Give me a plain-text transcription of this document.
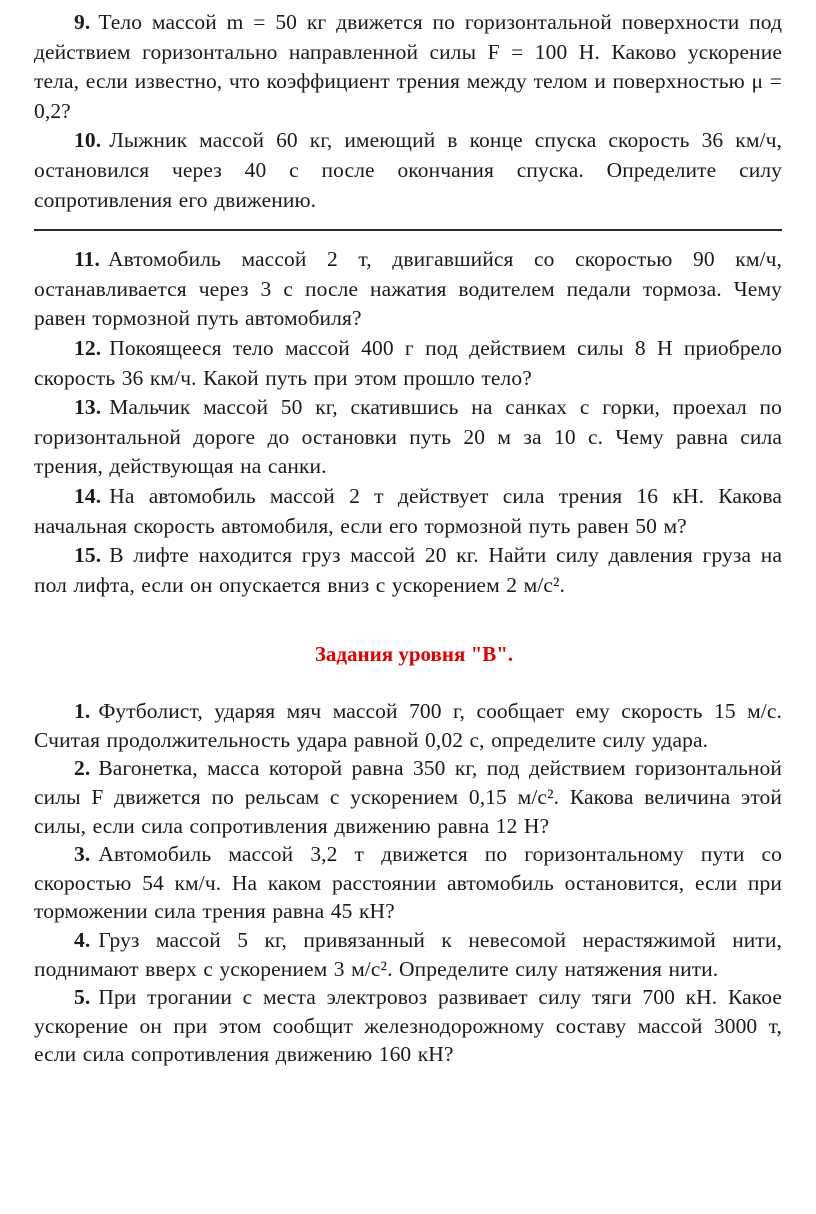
9. Тело массой m = 50 кг движется по горизонтальной поверхности под действием горизонтально направленной силы F = 100 Н. Каково ускорение тела, если известно, что коэффициент трения между телом и поверхностью μ = 0,2?

10. Лыжник массой 60 кг, имеющий в конце спуска скорость 36 км/ч, остановился через 40 с после окончания спуска. Определите силу сопротивления его движению.

11. Автомобиль массой 2 т, двигавшийся со скоростью 90 км/ч, останавливается через 3 с после нажатия водителем педали тормоза. Чему равен тормозной путь автомобиля?

12. Покоящееся тело массой 400 г под действием силы 8 Н приобрело скорость 36 км/ч. Какой путь при этом прошло тело?

13. Мальчик массой 50 кг, скатившись на санках с горки, проехал по горизонтальной дороге до остановки путь 20 м за 10 с. Чему равна сила трения, действующая на санки.

14. На автомобиль массой 2 т действует сила трения 16 кН. Какова начальная скорость автомобиля, если его тормозной путь равен 50 м?

15. В лифте находится груз массой 20 кг. Найти силу давления груза на пол лифта, если он опускается вниз с ускорением 2 м/с².

Задания уровня "В".

1. Футболист, ударяя мяч массой 700 г, сообщает ему скорость 15 м/с. Считая продолжительность удара равной 0,02 с, определите силу удара.

2. Вагонетка, масса которой равна 350 кг, под действием горизонтальной силы F движется по рельсам с ускорением 0,15 м/с². Какова величина этой силы, если сила сопротивления движению равна 12 Н?

3. Автомобиль массой 3,2 т движется по горизонтальному пути со скоростью 54 км/ч. На каком расстоянии автомобиль остановится, если при торможении сила трения равна 45 кН?

4. Груз массой 5 кг, привязанный к невесомой нерастяжимой нити, поднимают вверх с ускорением 3 м/с². Определите силу натяжения нити.

5. При трогании с места электровоз развивает силу тяги 700 кН. Какое ускорение он при этом сообщит железнодорожному составу массой 3000 т, если сила сопротивления движению 160 кН?
